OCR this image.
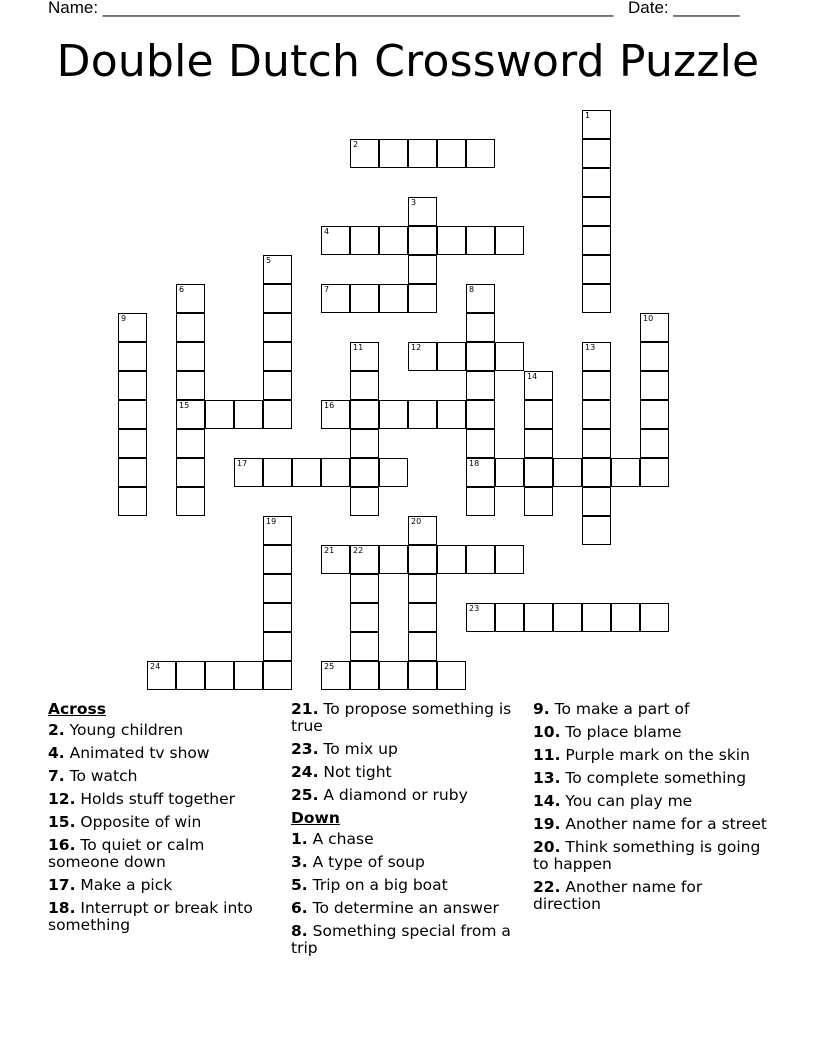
Name: ______________________________________________________ Date: _______
Double Dutch Crossword Puzzle
1
2
3
4
5
6
15
7	8
18
9	10
11	12	13
14
16
17
19	20
21 22
23
24	25
Across
2. Young children
4. Animated tv show
7. To watch
12. Holds stuff together
15. Opposite of win
16. To quiet or calm someone down
17. Make a pick
18. Interrupt or break into something
21. To propose something is true
23. To mix up
24. Not tight
25. A diamond or ruby
Down
1. A chase
3. A type of soup
5. Trip on a big boat
6. To determine an answer
8. Something special from a trip
9. To make a part of
10. To place blame
11. Purple mark on the skin
13. To complete something
14. You can play me
19. Another name for a street
20. Think something is going to happen
22. Another name for direction
